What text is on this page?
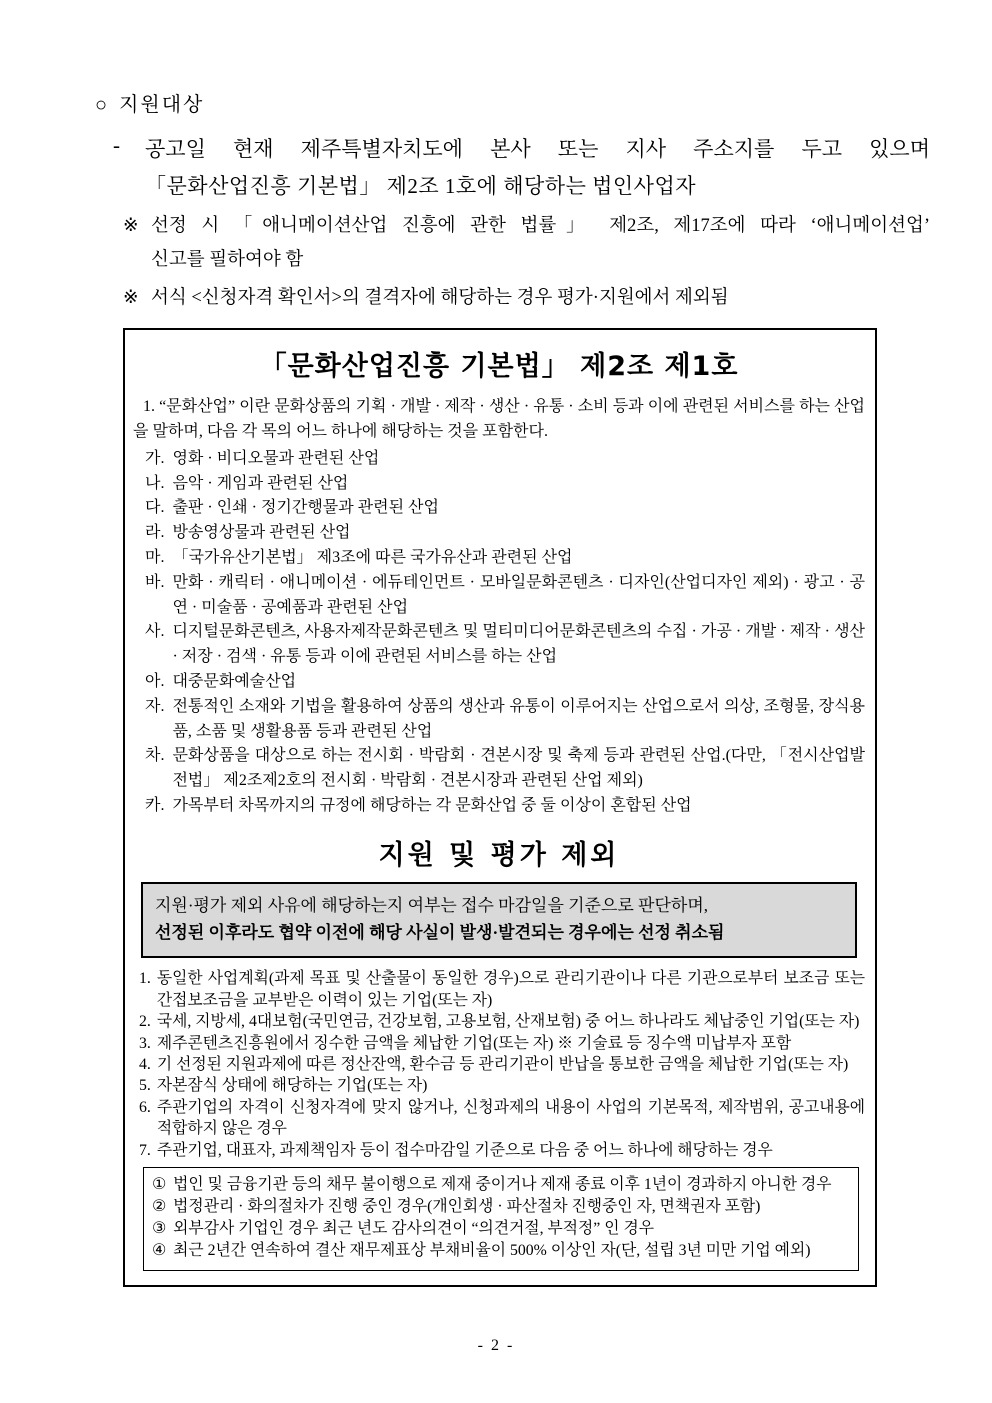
○ 지원대상
-	공고일 현재 제주특별자치도에 본사 또는 지사 주소지를 두고 있으며
「문화산업진흥 기본법」 제2조 1호에 해당하는 법인사업자
※ 선정 시 「애니메이션산업 진흥에 관한 법률」 제2조, 제17조에 따라 ‘애니메이션업’
신고를 필하여야 함
※ 서식 <신청자격 확인서>의 결격자에 해당하는 경우 평가·지원에서 제외됨
「문화산업진흥 기본법」 제2조 제1호
1. “문화산업” 이란 문화상품의 기획 · 개발 · 제작 · 생산 · 유통 · 소비 등과 이에 관련된 서비스를 하는 산업을 말하며, 다음 각 목의 어느 하나에 해당하는 것을 포함한다.
가. 영화 · 비디오물과 관련된 산업
나. 음악 · 게임과 관련된 산업
다. 출판 · 인쇄 · 정기간행물과 관련된 산업
라. 방송영상물과 관련된 산업
마. 「국가유산기본법」 제3조에 따른 국가유산과 관련된 산업
바. 만화 · 캐릭터 · 애니메이션 · 에듀테인먼트 · 모바일문화콘텐츠 · 디자인(산업디자인 제외) · 광고 · 공연 · 미술품 · 공예품과 관련된 산업
사. 디지털문화콘텐츠, 사용자제작문화콘텐츠 및 멀티미디어문화콘텐츠의 수집 · 가공 · 개발 · 제작 · 생산 · 저장 · 검색 · 유통 등과 이에 관련된 서비스를 하는 산업
아. 대중문화예술산업
자. 전통적인 소재와 기법을 활용하여 상품의 생산과 유통이 이루어지는 산업으로서 의상, 조형물, 장식용품, 소품 및 생활용품 등과 관련된 산업
차. 문화상품을 대상으로 하는 전시회 · 박람회 · 견본시장 및 축제 등과 관련된 산업.(다만, 「전시산업발전법」 제2조제2호의 전시회 · 박람회 · 견본시장과 관련된 산업 제외)
카. 가목부터 차목까지의 규정에 해당하는 각 문화산업 중 둘 이상이 혼합된 산업
지원 및 평가 제외
지원·평가 제외 사유에 해당하는지 여부는 접수 마감일을 기준으로 판단하며,
선정된 이후라도 협약 이전에 해당 사실이 발생·발견되는 경우에는 선정 취소됨
1. 동일한 사업계획(과제 목표 및 산출물이 동일한 경우)으로 관리기관이나 다른 기관으로부터 보조금 또는 간접보조금을 교부받은 이력이 있는 기업(또는 자)
2. 국세, 지방세, 4대보험(국민연금, 건강보험, 고용보험, 산재보험) 중 어느 하나라도 체납중인 기업(또는 자)
3. 제주콘텐츠진흥원에서 징수한 금액을 체납한 기업(또는 자) ※ 기술료 등 징수액 미납부자 포함
4. 기 선정된 지원과제에 따른 정산잔액, 환수금 등 관리기관이 반납을 통보한 금액을 체납한 기업(또는 자)
5. 자본잠식 상태에 해당하는 기업(또는 자)
6. 주관기업의 자격이 신청자격에 맞지 않거나, 신청과제의 내용이 사업의 기본목적, 제작범위, 공고내용에 적합하지 않은 경우
7. 주관기업, 대표자, 과제책임자 등이 접수마감일 기준으로 다음 중 어느 하나에 해당하는 경우
① 법인 및 금융기관 등의 채무 불이행으로 제재 중이거나 제재 종료 이후 1년이 경과하지 아니한 경우
② 법정관리 · 화의절차가 진행 중인 경우(개인회생 · 파산절차 진행중인 자, 면책권자 포함)
③ 외부감사 기업인 경우 최근 년도 감사의견이 “의견거절, 부적정” 인 경우
④ 최근 2년간 연속하여 결산 재무제표상 부채비율이 500% 이상인 자(단, 설립 3년 미만 기업 예외)
- 2 -
